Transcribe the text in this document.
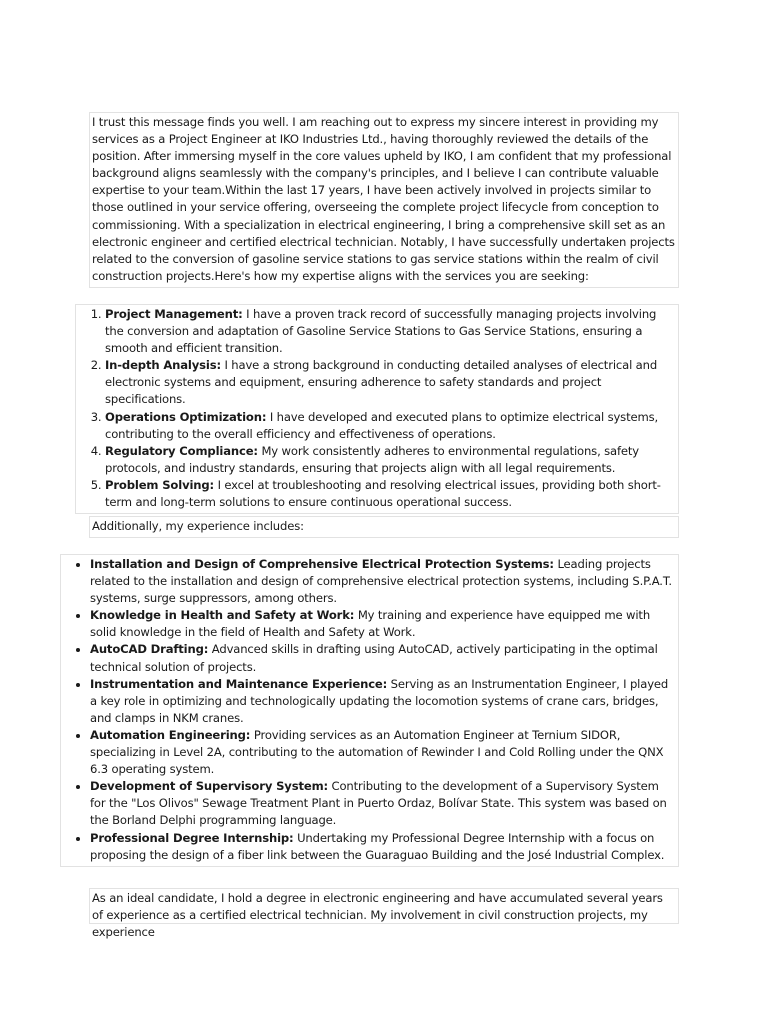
I trust this message finds you well. I am reaching out to express my sincere interest in providing my services as a Project Engineer at IKO Industries Ltd., having thoroughly reviewed the details of the position. After immersing myself in the core values upheld by IKO, I am confident that my professional background aligns seamlessly with the company's principles, and I believe I can contribute valuable expertise to your team.Within the last 17 years, I have been actively involved in projects similar to those outlined in your service offering, overseeing the complete project lifecycle from conception to commissioning. With a specialization in electrical engineering, I bring a comprehensive skill set as an electronic engineer and certified electrical technician. Notably, I have successfully undertaken projects related to the conversion of gasoline service stations to gas service stations within the realm of civil construction projects.Here's how my expertise aligns with the services you are seeking:
1. Project Management: I have a proven track record of successfully managing projects involving the conversion and adaptation of Gasoline Service Stations to Gas Service Stations, ensuring a smooth and efficient transition.
2. In-depth Analysis: I have a strong background in conducting detailed analyses of electrical and electronic systems and equipment, ensuring adherence to safety standards and project specifications.
3. Operations Optimization: I have developed and executed plans to optimize electrical systems, contributing to the overall efficiency and effectiveness of operations.
4. Regulatory Compliance: My work consistently adheres to environmental regulations, safety protocols, and industry standards, ensuring that projects align with all legal requirements.
5. Problem Solving: I excel at troubleshooting and resolving electrical issues, providing both short-term and long-term solutions to ensure continuous operational success.
Additionally, my experience includes:
• Installation and Design of Comprehensive Electrical Protection Systems: Leading projects related to the installation and design of comprehensive electrical protection systems, including S.P.A.T. systems, surge suppressors, among others.
• Knowledge in Health and Safety at Work: My training and experience have equipped me with solid knowledge in the field of Health and Safety at Work.
• AutoCAD Drafting: Advanced skills in drafting using AutoCAD, actively participating in the optimal technical solution of projects.
• Instrumentation and Maintenance Experience: Serving as an Instrumentation Engineer, I played a key role in optimizing and technologically updating the locomotion systems of crane cars, bridges, and clamps in NKM cranes.
• Automation Engineering: Providing services as an Automation Engineer at Ternium SIDOR, specializing in Level 2A, contributing to the automation of Rewinder I and Cold Rolling under the QNX 6.3 operating system.
• Development of Supervisory System: Contributing to the development of a Supervisory System for the "Los Olivos" Sewage Treatment Plant in Puerto Ordaz, Bolívar State. This system was based on the Borland Delphi programming language.
• Professional Degree Internship: Undertaking my Professional Degree Internship with a focus on proposing the design of a fiber link between the Guaraguao Building and the José Industrial Complex.
As an ideal candidate, I hold a degree in electronic engineering and have accumulated several years of experience as a certified electrical technician. My involvement in civil construction projects, my experience
